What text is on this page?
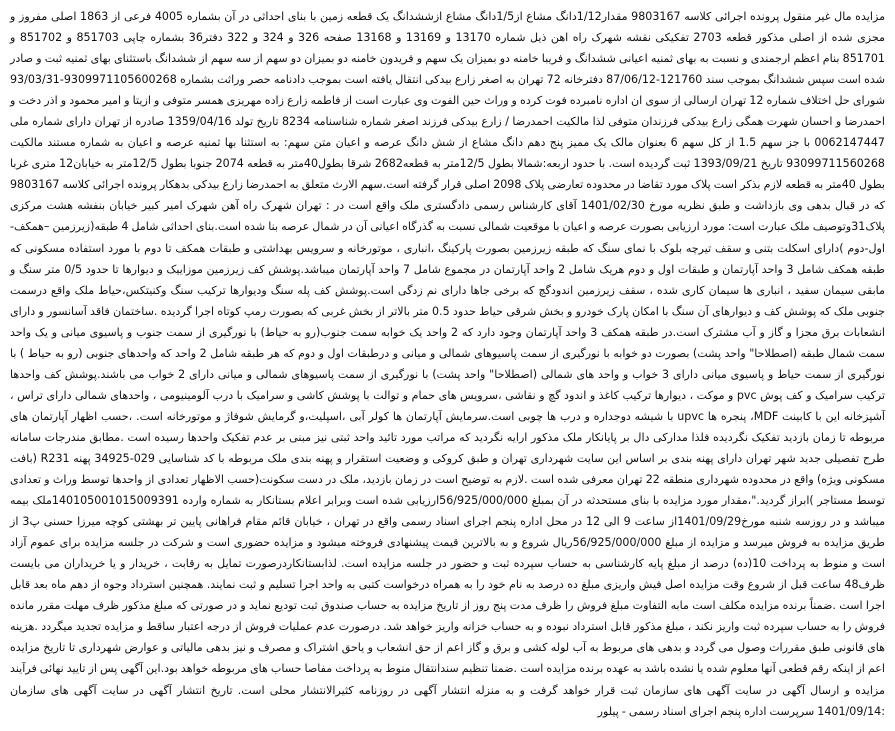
مزایده مال غیر منقول پرونده اجرائی کلاسه 9803167 مقدار1/12دانگ مشاع از1/5دانگ مشاع ازششدانگ یک قطعه زمین با بنای احداثی در آن بشماره 4005 فرعی از 1863 اصلی مفروز و مجزی شده از اصلی مذکور قطعه 2703 تفکیکی نقشه شهرک راه اهن ذیل شماره 13170 و 13169 و 13168 صفحه 326 و 324 و 322 دفتر36 بشماره چاپی 851703 و 851702 و 851701 بنام اعظم ارجمندی و نسبت به بهای ثمنیه اعیانی ششدانگ و فریبا خامنه دو بمیزان یک سهم و فریدون خامنه دو بمیزان دو سهم از سه سهم از ششدانگ باستثنای بهای ثمنیه ثبت و صادر شده است سپس ششدانگ بموجب سند 121760-87/06/12 دفترخانه 72 تهران به اصغر زارع بیدکی انتقال یافته است بموجب دادنامه حصر وراثت بشماره 9309971105600268-93/03/31 شورای حل اختلاف شماره 12 تهران ارسالی از سوی ان اداره نامبرده فوت کرده و وراث حین الفوت وی عبارت است از فاطمه زارع زاده مهریزی همسر متوفی و ازیتا و امیر محمود و اذر دخت و احمدرضا و احسان شهرت همگی زارع بیدکی فرزندان متوفی لذا مالکیت احمدرضا / زارع بیدکی فرزند اصغر شماره شناسنامه 8234 تاریخ تولد 1359/04/16 صادره از تهران دارای شماره ملی 0062147447 با جز سهم 1.5 از کل سهم 6 بعنوان مالک یک ممیز پنج دهم دانگ مشاع از شش دانگ عرصه و اعیان متن سهم: به استثنا بها ثمنیه عرصه و اعیان به شماره مستند مالکیت 93099711560268 تاریخ 1393/09/21 ثبت گردیده است. با حدود اربعه:شمالا بطول 12/5متر به قطعه2682 شرقا بطول40متر به قطعه 2074 جنوبا بطول 12/5متر به خیابان12 متری غربا بطول 40متر به قطعه لازم بذکر است پلاک مورد تقاضا در محدوده تعارضی پلاک 2098 اصلی قرار گرفته است.سهم الارث متعلق به احمدرضا زارع بیدکی بدهکار پرونده اجرائی کلاسه 9803167 که در قبال بدهی وی بازداشت و طبق نظریه مورخ 1401/02/30 آقای کارشناس رسمی دادگستری ملک واقع است در : تهران شهرک راه آهن شهرک امیر کبیر خیابان بنفشه هشت مرکزی پلاک31وتوصیف ملک عبارت است: مورد ارزیابی بصورت عرصه و اعیان با موقعیت شمالی نسبت به گذرگاه اعیانی آن در شمال عرصه بنا شده است.بنای احداثی شامل 4 طبقه(زیرزمین –همکف-اول-دوم )دارای اسکلت بتنی و سقف تیرچه بلوک با نمای سنگ که طبقه زیرزمین بصورت پارکینگ ،انباری ، موتورخانه و سرویس بهداشتی و طبقات همکف تا دوم با مورد استفاده مسکونی که طبقه همکف شامل 3 واحد آپارتمان و طبقات اول و دوم هریک شامل 2 واحد آپارتمان در مجموع شامل 7 واحد آپارتمان میباشد.پوشش کف زیرزمین موزاییک و دیوارها تا حدود 0/5 متر سنگ و مابقی سیمان سفید ، انباری ها سیمان کاری شده ، سقف زیرزمین اندودگچ که برخی جاها دارای نم زدگی است.پوشش کف پله سنگ ودیوارها ترکیب سنگ وکنیتکس،حیاط ملک واقع درسمت جنوبی ملک که پوشش کف و دیوارهای آن سنگ با امکان پارک خودرو و بخش شرقی حیاط حدود 0.5 متر بالاتر از بخش غربی که بصورت رمپ کوتاه اجرا گردیده .ساختمان فاقد آسانسور و دارای انشعابات برق مجزا و گاز و آب مشترک است.در طبقه همکف 3 واحد آپارتمان وجود دارد که 2 واحد یک خوابه سمت جنوب(رو به حیاط) با نورگیری از سمت جنوب و پاسیوی میانی و یک واحد سمت شمال طبقه (اصطلاحا" واحد پشت) بصورت دو خوابه با نورگیری از سمت پاسیوهای شمالی و میانی و درطبقات اول و دوم که هر طبقه شامل 2 واحد که واحدهای جنوبی (رو به حیاط ) با نورگیری از سمت حیاط و پاسیوی میانی دارای 3 خواب و واحد های شمالی (اصطلاحا" واحد پشت) با نورگیری از سمت پاسیوهای شمالی و میانی دارای 2 خواب می باشند.پوشش کف واحدها ترکیب سرامیک و کف پوش pvc و موکت ، دیوارها ترکیب کاغذ و اندود گچ و نقاشی ،سرویس های حمام و توالت با پوشش کاشی و سرامیک با درب آلومینیومی ، واحدهای شمالی دارای تراس ، آشپزخانه این با کابینت MDF، پنجره ها upvc با شیشه دوجداره و درب ها چوبی است.سرمایش آپارتمان ها کولر آبی ،اسپلیت،و گرمایش شوفاژ و موتورخانه است. ،حسب اظهار آپارتمان های مربوطه تا زمان بازدید تفکیک نگردیده فلذا مدارکی دال بر پایانکار ملک مذکور ارایه نگردید که مراتب مورد تائید واحد ثبتی نیز مبنی بر عدم تفکیک واحدها رسیده است .مطابق مندرجات سامانه طرح تفصیلی جدید شهر تهران دارای پهنه بندی بر اساس این سایت شهرداری تهران و طبق کروکی و وضعیت استقرار و پهنه بندی ملک مربوطه با کد شناسایی 029-34925 پهنه R231 (بافت مسکونی ویژه) واقع در محدوده شهرداری منطقه 22 تهران معرفی شده است .لازم به توضیح است در زمان بازدید، ملک در دست سکونت(حسب الاظهار تعدادی از واحدها توسط وراث و تعدادی توسط مستاجر )ابراز گردید."،مقدار مورد مزایده با بنای مستحدثه در آن بمبلغ 56/925/000/000ارزیابی شده است وبرابر اعلام بستانکار به شماره وارده 140105001015009391ملک بیمه میباشد و در روزسه شنبه مورخ1401/09/29از ساعت 9 الی 12 در محل اداره پنجم اجرای اسناد رسمی واقع در تهران ، خیابان قائم مقام فراهانی پایین تر بهشتی کوچه میرزا حسنی پ3 از طریق مزایده به فروش میرسد و مزایده از مبلغ 56/925/000/000ریال شروع و به بالاترین قیمت پیشنهادی فروخته میشود و مزایده حضوری است و شرکت در جلسه مزایده برای عموم آزاد است و منوط به پرداخت 10(ده) درصد از مبلغ پایه کارشناسی به حساب سپرده ثبت و حضور در جلسه مزایده است. لذابستانکاردرصورت تمایل به رقابت ، خریدار و یا خریداران می بایست ظرف48 ساعت قبل از شروع وقت مزایده اصل فیش واریزی مبلغ ده درصد به نام خود را به همراه درخواست کتبی به واحد اجرا تسلیم و ثبت نمایند. همچنین استرداد وجوه از دهم ماه بعد قابل اجرا است .ضمناً برنده مزایده مکلف است مابه التفاوت مبلغ فروش را ظرف مدت پنج روز از تاریخ مزایده به حساب صندوق ثبت تودیع نماید و در صورتی که مبلغ مذکور ظرف مهلت مقرر مانده فروش را به حساب سپرده ثبت واریز نکند ، مبلغ مذکور قابل استرداد نبوده و به حساب خزانه واریز خواهد شد. درصورت عدم عملیات فروش از درجه اعتبار ساقط و مزایده تجدید میگردد .هزینه های قانونی طبق مقررات وصول می گردد و بدهی های مربوط به آب لوله کشی و برق و گاز اعم از حق انشعاب و یاحق اشتراک و مصرف و نیز بدهی مالیاتی و عوارض شهرداری تا تاریخ مزایده اعم از اینکه رقم قطعی آنها معلوم شده یا نشده باشد به عهده برنده مزایده است .ضمنا تنظیم سندانتقال منوط به پرداخت مفاصا حساب های مربوطه خواهد بود.این آگهی پس از تایید نهائی فرآیند مزایده و ارسال آگهی در سایت آگهی های سازمان ثبت قرار خواهد گرفت و به منزله انتشار آگهی در روزنامه کثیرالانتشار محلی است. تاریخ انتشار آگهی در سایت آگهی های سازمان :1401/09/14 سرپرست اداره پنجم اجرای اسناد رسمی - پیلور
